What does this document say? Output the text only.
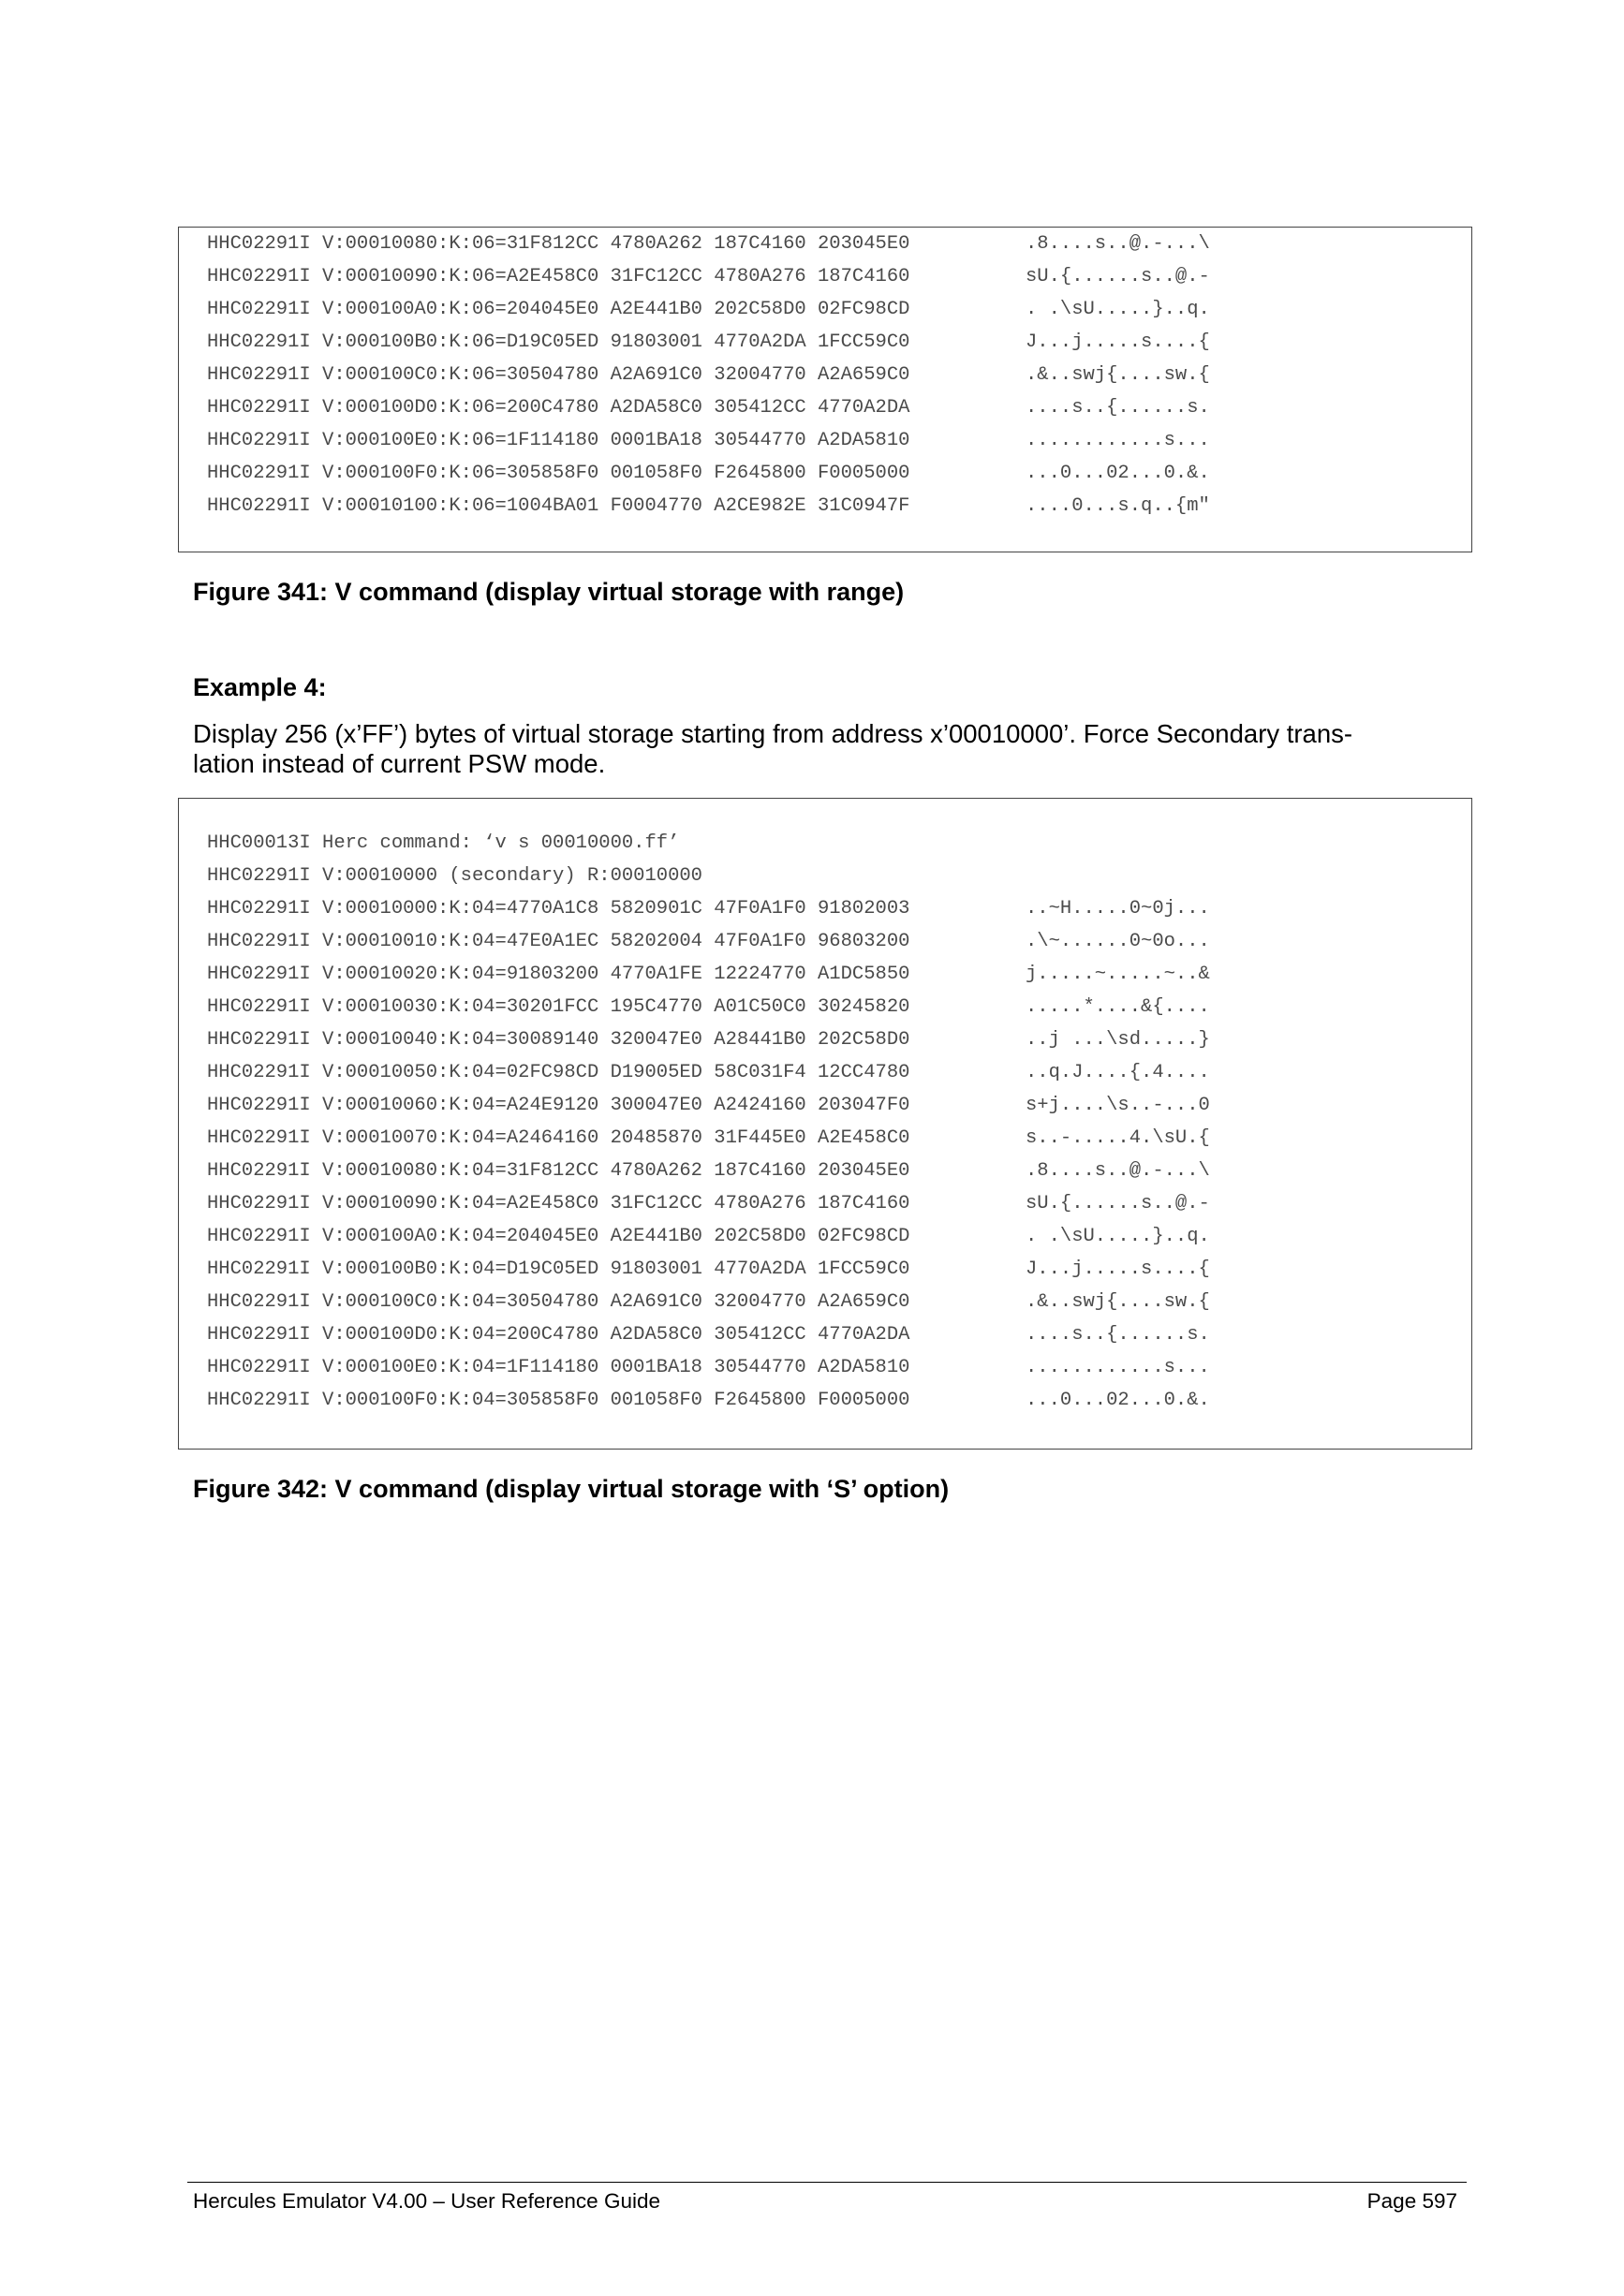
HHC02291I V:00010080:K:06=31F812CC 4780A262 187C4160 203045E0	.8....s..@.-...\
HHC02291I V:00010090:K:06=A2E458C0 31FC12CC 4780A276 187C4160	sU.{......s..@.-
HHC02291I V:000100A0:K:06=204045E0 A2E441B0 202C58D0 02FC98CD	. .\sU.....}..q.
HHC02291I V:000100B0:K:06=D19C05ED 91803001 4770A2DA 1FCC59C0	J...j.....s....{
HHC02291I V:000100C0:K:06=30504780 A2A691C0 32004770 A2A659C0	.&..swj{....sw.{
HHC02291I V:000100D0:K:06=200C4780 A2DA58C0 305412CC 4770A2DA	....s..{......s.
HHC02291I V:000100E0:K:06=1F114180 0001BA18 30544770 A2DA5810	............s...
HHC02291I V:000100F0:K:06=305858F0 001058F0 F2645800 F0005000	...0...02...0.&.
HHC02291I V:00010100:K:06=1004BA01 F0004770 A2CE982E 31C0947F	....0...s.q..{m"
Figure 341: V command (display virtual storage with range)
Example 4:
Display 256 (x’FF’) bytes of virtual storage starting from address x’00010000’. Force Secondary trans-
lation instead of current PSW mode.
HHC00013I Herc command: ‘v s 00010000.ff’
HHC02291I V:00010000 (secondary) R:00010000
HHC02291I V:00010000:K:04=4770A1C8 5820901C 47F0A1F0 91802003	..~H.....0~0j...
HHC02291I V:00010010:K:04=47E0A1EC 58202004 47F0A1F0 96803200	.\~......0~0o...
HHC02291I V:00010020:K:04=91803200 4770A1FE 12224770 A1DC5850	j.....~.....~..&
HHC02291I V:00010030:K:04=30201FCC 195C4770 A01C50C0 30245820	.....*....&{....
HHC02291I V:00010040:K:04=30089140 320047E0 A28441B0 202C58D0	..j ...\sd.....}
HHC02291I V:00010050:K:04=02FC98CD D19005ED 58C031F4 12CC4780	..q.J....{.4....
HHC02291I V:00010060:K:04=A24E9120 300047E0 A2424160 203047F0	s+j....\s..-...0
HHC02291I V:00010070:K:04=A2464160 20485870 31F445E0 A2E458C0	s..-.....4.\sU.{
HHC02291I V:00010080:K:04=31F812CC 4780A262 187C4160 203045E0	.8....s..@.-...\
HHC02291I V:00010090:K:04=A2E458C0 31FC12CC 4780A276 187C4160	sU.{......s..@.-
HHC02291I V:000100A0:K:04=204045E0 A2E441B0 202C58D0 02FC98CD	. .\sU.....}..q.
HHC02291I V:000100B0:K:04=D19C05ED 91803001 4770A2DA 1FCC59C0	J...j.....s....{
HHC02291I V:000100C0:K:04=30504780 A2A691C0 32004770 A2A659C0	.&..swj{....sw.{
HHC02291I V:000100D0:K:04=200C4780 A2DA58C0 305412CC 4770A2DA	....s..{......s.
HHC02291I V:000100E0:K:04=1F114180 0001BA18 30544770 A2DA5810	............s...
HHC02291I V:000100F0:K:04=305858F0 001058F0 F2645800 F0005000	...0...02...0.&.
Figure 342: V command (display virtual storage with ‘S’ option)
Hercules Emulator V4.00 – User Reference Guide	Page 597
